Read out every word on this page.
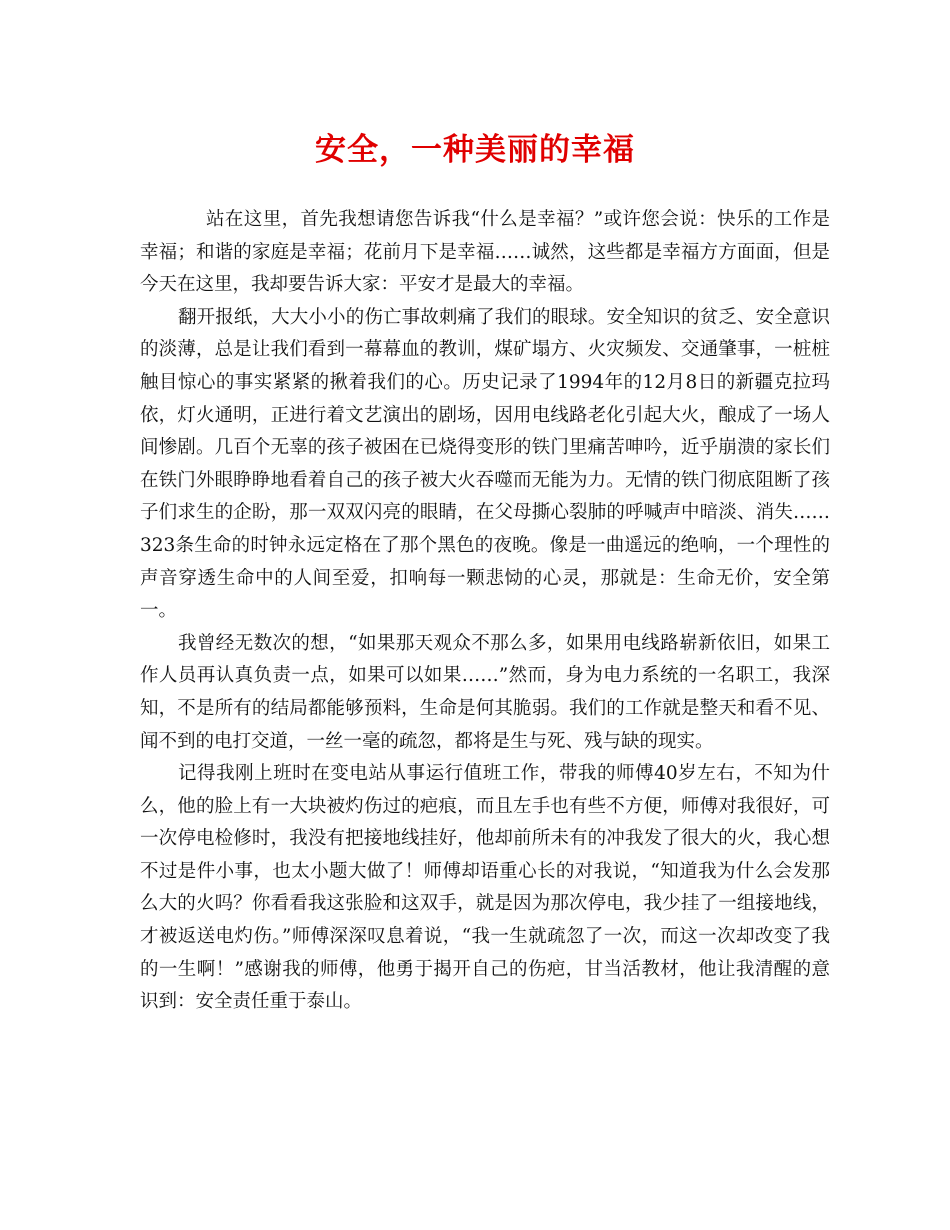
安全，一种美丽的幸福

站在这里，首先我想请您告诉我“什么是幸福？”或许您会说：快乐的工作是幸福；和谐的家庭是幸福；花前月下是幸福……诚然，这些都是幸福方方面面，但是今天在这里，我却要告诉大家：平安才是最大的幸福。

翻开报纸，大大小小的伤亡事故刺痛了我们的眼球。安全知识的贫乏、安全意识的淡薄，总是让我们看到一幕幕血的教训，煤矿塌方、火灾频发、交通肇事，一桩桩触目惊心的事实紧紧的揪着我们的心。历史记录了1994年的12月8日的新疆克拉玛依，灯火通明，正进行着文艺演出的剧场，因用电线路老化引起大火，酿成了一场人间惨剧。几百个无辜的孩子被困在已烧得变形的铁门里痛苦呻吟，近乎崩溃的家长们在铁门外眼睁睁地看着自己的孩子被大火吞噬而无能为力。无情的铁门彻底阻断了孩子们求生的企盼，那一双双闪亮的眼睛，在父母撕心裂肺的呼喊声中暗淡、消失…… 323条生命的时钟永远定格在了那个黑色的夜晚。像是一曲遥远的绝响，一个理性的声音穿透生命中的人间至爱，扣响每一颗悲恸的心灵，那就是：生命无价，安全第一。

我曾经无数次的想，“如果那天观众不那么多，如果用电线路崭新依旧，如果工作人员再认真负责一点，如果可以如果……”然而，身为电力系统的一名职工，我深知，不是所有的结局都能够预料，生命是何其脆弱。我们的工作就是整天和看不见、闻不到的电打交道，一丝一毫的疏忽，都将是生与死、残与缺的现实。

记得我刚上班时在变电站从事运行值班工作，带我的师傅40岁左右，不知为什么，他的脸上有一大块被灼伤过的疤痕，而且左手也有些不方便，师傅对我很好，可一次停电检修时，我没有把接地线挂好，他却前所未有的冲我发了很大的火，我心想不过是件小事，也太小题大做了！师傅却语重心长的对我说，“知道我为什么会发那么大的火吗？你看看我这张脸和这双手，就是因为那次停电，我少挂了一组接地线，才被返送电灼伤。”师傅深深叹息着说，“我一生就疏忽了一次，而这一次却改变了我的一生啊！”感谢我的师傅，他勇于揭开自己的伤疤，甘当活教材，他让我清醒的意识到：安全责任重于泰山。
